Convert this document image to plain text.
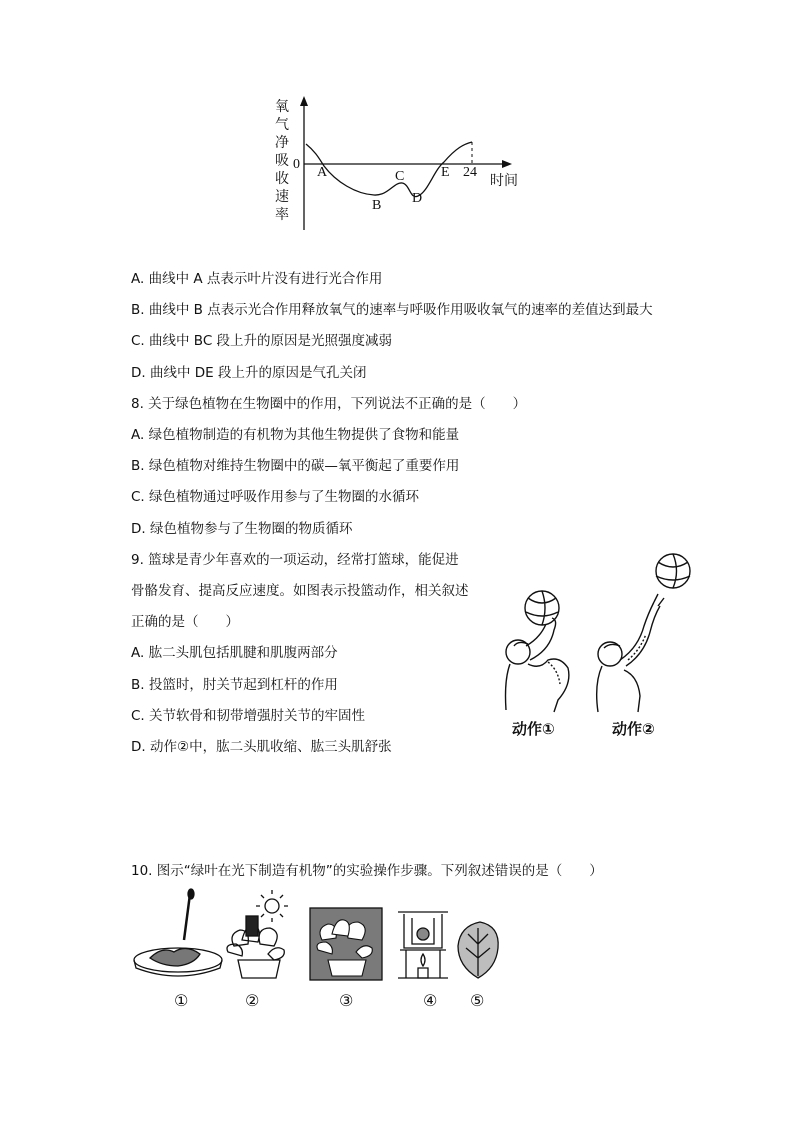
氧
气
净
吸
收
速
率
0
A
B
C
D
E 24
时间
A. 曲线中 A 点表示叶片没有进行光合作用
B. 曲线中 B 点表示光合作用释放氧气的速率与呼吸作用吸收氧气的速率的差值达到最大
C. 曲线中 BC 段上升的原因是光照强度减弱
D. 曲线中 DE 段上升的原因是气孔关闭
8. 关于绿色植物在生物圈中的作用，下列说法不正确的是（　　）
A. 绿色植物制造的有机物为其他生物提供了食物和能量
B. 绿色植物对维持生物圈中的碳—氧平衡起了重要作用
C. 绿色植物通过呼吸作用参与了生物圈的水循环
D. 绿色植物参与了生物圈的物质循环
9. 篮球是青少年喜欢的一项运动，经常打篮球，能促进
骨骼发育、提高反应速度。如图表示投篮动作，相关叙述
正确的是（　　）
A. 肱二头肌包括肌腱和肌腹两部分
B. 投篮时，肘关节起到杠杆的作用
C. 关节软骨和韧带增强肘关节的牢固性
D. 动作②中，肱二头肌收缩、肱三头肌舒张
动作①	动作②
10. 图示“绿叶在光下制造有机物”的实验操作步骤。下列叙述错误的是（　　）
①	②	③	④ ⑤
